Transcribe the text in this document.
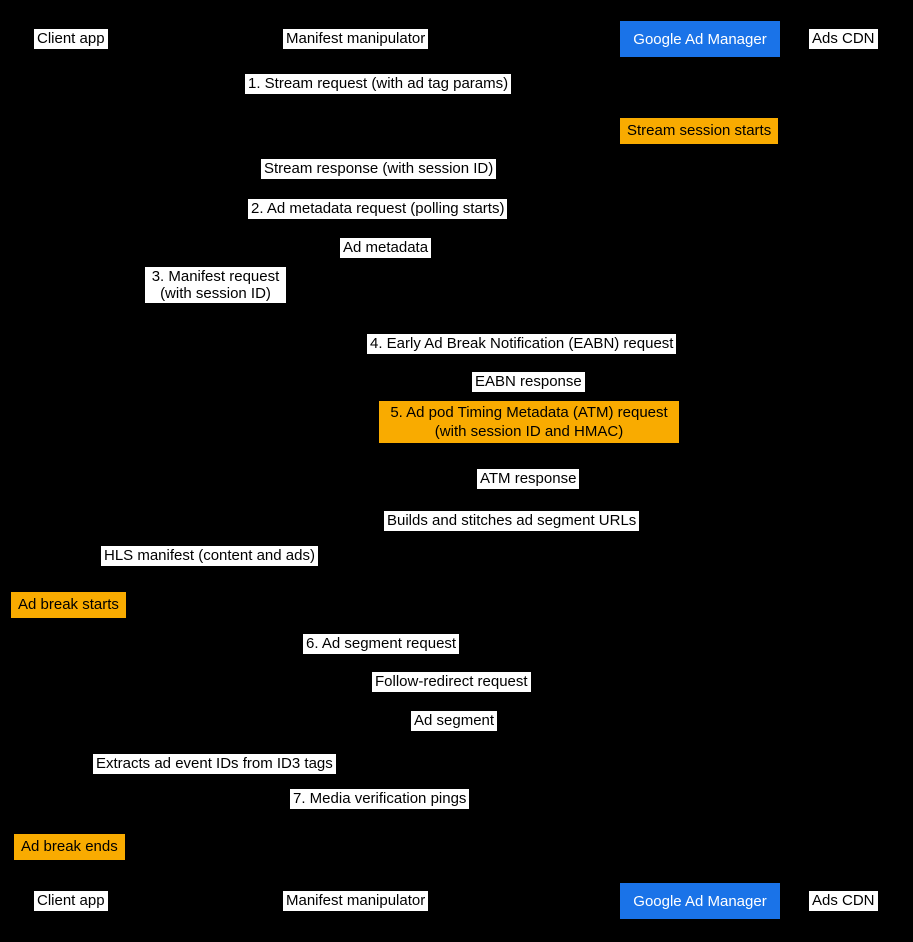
Client app	Manifest manipulator	Google Ad Manager	Ads CDN
1. Stream request (with ad tag params)
Stream session starts
Stream response (with session ID)
2. Ad metadata request (polling starts)
Ad metadata
3. Manifest request
(with session ID)
4. Early Ad Break Notification (EABN) request
EABN response
5. Ad pod Timing Metadata (ATM) request
(with session ID and HMAC)
ATM response
Builds and stitches ad segment URLs
HLS manifest (content and ads)
Ad break starts
6. Ad segment request
Follow-redirect request
Ad segment
Extracts ad event IDs from ID3 tags
7. Media verification pings
Ad break ends
Client app	Manifest manipulator	Google Ad Manager	Ads CDN
